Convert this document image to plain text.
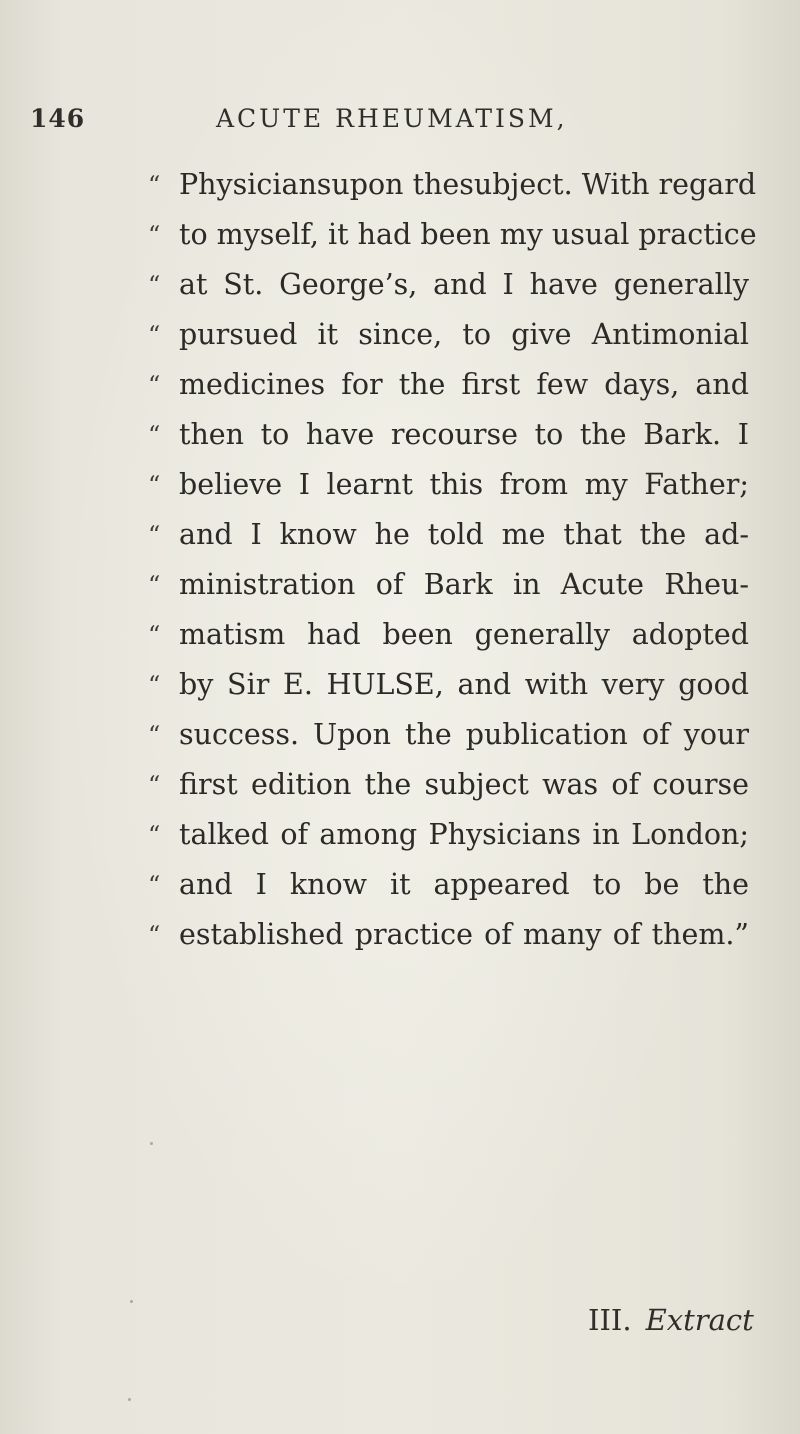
146	ACUTE RHEUMATISM,
“ Physiciansupon thesubject. With regard
“ to myself, it had been my usual practice
“ at St. George’s, and I have generally
“ pursued it since, to give Antimonial
“ medicines for the first few days, and
“ then to have recourse to the Bark. I
“ believe I learnt this from my Father;
“ and I know he told me that the ad-
“ ministration of Bark in Acute Rheu-
“ matism had been generally adopted
“ by Sir E. HULSE, and with very good
“ success. Upon the publication of your
“ first edition the subject was of course
“ talked of among Physicians in London;
“ and I know it appeared to be the
“ established practice of many of them.”
III. Extract
